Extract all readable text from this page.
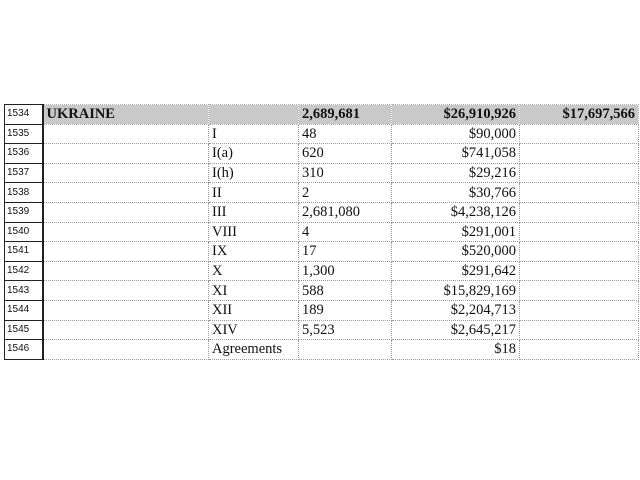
1534	UKRAINE		2,689,681	$26,910,926	$17,697,566
1535		I	48	$90,000	
1536		I(a)	620	$741,058	
1537		I(h)	310	$29,216	
1538		II	2	$30,766	
1539		III	2,681,080	$4,238,126	
1540		VIII	4	$291,001	
1541		IX	17	$520,000	
1542		X	1,300	$291,642	
1543		XI	588	$15,829,169	
1544		XII	189	$2,204,713	
1545		XIV	5,523	$2,645,217	
1546		Agreements		$18	
